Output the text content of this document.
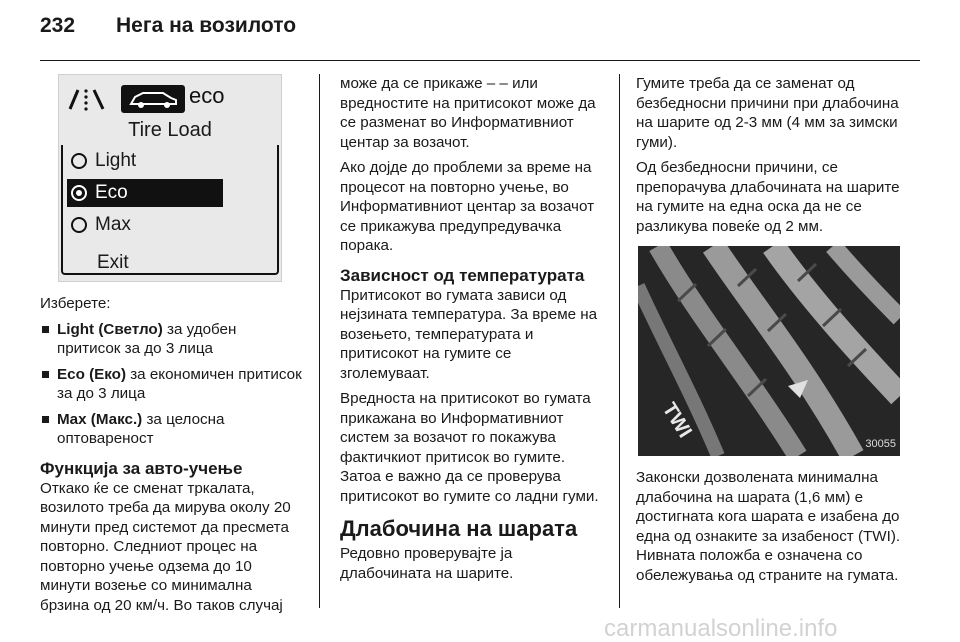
232 Нега на возилото
eco
Tire Load
Light
Eco
Max
Exit

Изберете:

Light (Светло) за удобен притисок за до 3 лица
Eco (Еко) за економичен притисок за до 3 лица
Max (Макс.) за целосна оптовареност
Функција за авто-учење

Откако ќе се сменат тркалата, возилото треба да мирува околу 20 минути пред системот да пресмета повторно. Следниот процес на повторно учење одзема до 10 минути возење со минимална брзина од 20 км/ч. Во таков случај

може да се прикаже – – или вредностите на притисокот може да се разменат во Информативниот центар за возачот.

Ако дојде до проблеми за време на процесот на повторно учење, во Информативниот центар за возачот се прикажува предупредувачка порака.

Зависност од температурата

Притисокот во гумата зависи од нејзината температура. За време на возењето, температурата и притисокот на гумите се зголемуваат.

Вредноста на притисокот во гумата прикажана во Информативниот систем за возачот го покажува фактичкиот притисок во гумите. Затоа е важно да се проверува притисокот во гумите со ладни гуми.

Длабочина на шарата

Редовно проверувајте ја длабочината на шарите.

Гумите треба да се заменат од безбедносни причини при длабочина на шарите од 2-3 мм (4 мм за зимски гуми).

Од безбедносни причини, се препорачува длабочината на шарите на гумите на една оска да не се разликува повеќе од 2 мм.

TWI
30055

Законски дозволената минимална длабочина на шарата (1,6 мм) е достигната кога шарата е изабена до една од ознаките за изабеност (TWI). Нивната положба е означена со обележувања од страните на гумата.

carmanualsonline.info
